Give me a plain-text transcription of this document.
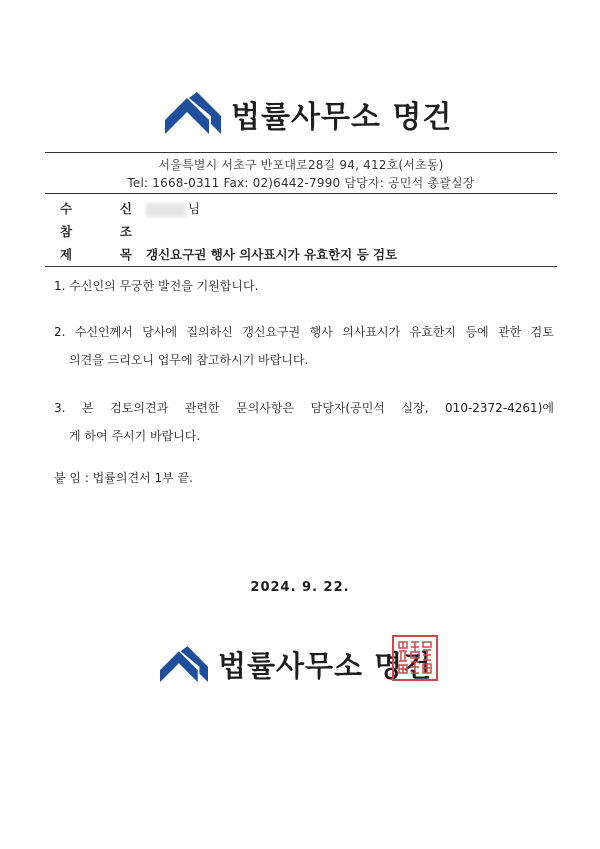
법률사무소 명건
서울특별시 서초구 반포대로28길 94, 412호(서초동)
Tel: 1668-0311 Fax: 02)6442-7990 담당자: 공민석 총괄실장
수	신	님
참	조
제	목 갱신요구권 행사 의사표시가 유효한지 등 검토
1. 수신인의 무궁한 발전을 기원합니다.
2. 수신인께서 당사에 질의하신 갱신요구권 행사 의사표시가 유효한지 등에 관한 검토
의견을 드리오니 업무에 참고하시기 바랍니다.
3. 본 검토의견과 관련한 문의사항은 담당자(공민석 실장, 010-2372-4261)에
게 하여 주시기 바랍니다.
붙 임 : 법률의견서 1부 끝.
2024. 9. 22.
법률사무소 명건
